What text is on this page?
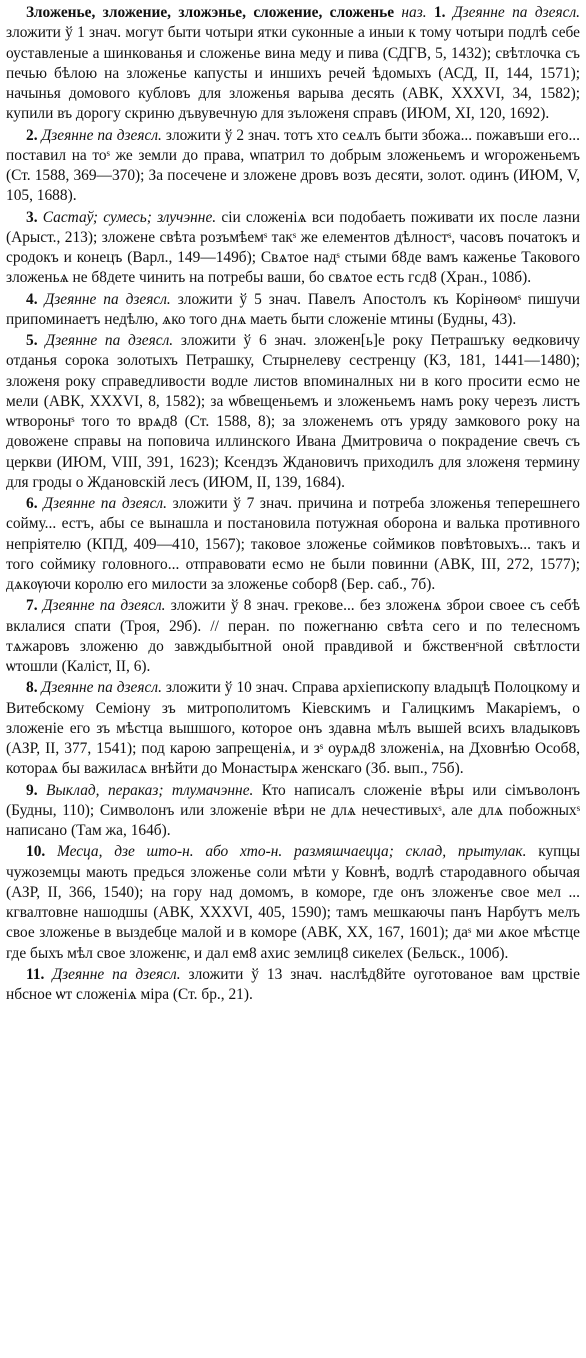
Зложенье, зложение, зложэнье, сложение, сложенье наз. 1. Дзеянне па дзеясл. зложити ў 1 знач. могут быти чотыри ятки суконные а иныи к тому чотыри подлѣ себе оуставленые а шинкованья и сложенье вина меду и пива (СДГВ, 5, 1432); свѣтлочка съ печью бѣлою на зложенье капусты и иншихъ речей ѣдомыхъ (АСД, II, 144, 1571); начынья домового кубловъ для зложенья варыва десять (АВК, XXXVI, 34, 1582); купили въ дорогу скриню дъвувечную для зъложеня справъ (ИЮМ, XI, 120, 1692).

2. Дзеянне па дзеясл. зложити ў 2 знач. тотъ хто сеѧлъ быти збожа... пожавъши его... поставил на тоˢ же земли до права, ѡпатрил то добрым зложеньемъ и ѡгороженьемъ (Ст. 1588, 369—370); За посечене и зложене дровъ возъ десяти, золот. одинъ (ИЮМ, V, 105, 1688).

3. Састаў; сумесь; злучэнне. сіи сложеніѧ вси подобаеть поживати их после лазни (Арыст., 213); зложене свѣта розъмѣемˢ такˢ же елементов дѣлностˢ, часовъ початокъ и сродокъ и конецъ (Варл., 149—149б); Свѧтое надˢ стыми б8де вамъ каженье Такового зложеньѧ не б8дете чинить на потребы ваши, бо свѧтое есть гсд8 (Хран., 108б).

4. Дзеянне па дзеясл. зложити ў 5 знач. Павелъ Апостолъ къ Корінѳомˢ пишучи припоминаетъ недѣлю, ѧко того днѧ маеть быти сложеніе мтины (Будны, 43).

5. Дзеянне па дзеясл. зложити ў 6 знач. зложен[ь]е року Петрашъку ѳедковичу отданья сорока золотыхъ Петрашку, Стырнелеву сестренцу (КЗ, 181, 1441—1480); зложеня року справедливости водле листов впоминалных ни в кого просити есмо не мели (АВК, XXXVI, 8, 1582); за ѡбвещеньемъ и зложеньемъ намъ року черезъ листъ ѡтвороныˢ того то врѧд8 (Ст. 1588, 8); за зложенемъ отъ уряду замкового року на довожене справы на поповича иллинского Ивана Дмитровича о покрадение свечъ съ церкви (ИЮМ, VIII, 391, 1623); Ксендзъ Ждановичъ приходилъ для зложеня термину для гроды о Ждановскій лесъ (ИЮМ, II, 139, 1684).

6. Дзеянне па дзеясл. зложити ў 7 знач. причина и потреба зложенья теперешнего сойму... естъ, абы се вынашла и постановила потужная оборона и валька противного непріятелю (КПД, 409—410, 1567); таковое зложенье соймиков повѣтовыхъ... такъ и того соймику головного... отправовати есмо не были повинни (АВК, III, 272, 1577); дѧкѹючи королю его милости за зложенье собор8 (Бер. саб., 7б).

7. Дзеянне па дзеясл. зложити ў 8 знач. грекове... без зложенѧ зброи своее съ себѣ вклалися спати (Троя, 29б). // перан. по пожегнаню свѣта сего и по телесномъ тѧжаровъ зложеню до завждыбытной оной правдивой и бжственˢной свѣтлости ѡтошли (Каліст, II, 6).

8. Дзеянне па дзеясл. зложити ў 10 знач. Справа архіепископу владыцѣ Полоцкому и Витебскому Семіону зъ митрополитомъ Кіевскимъ и Галицкимъ Макаріемъ, о зложеніе его зъ мѣстца вышшого, которое онъ здавна мѣлъ вышей всихъ владыковъ (АЗР, II, 377, 1541); под карою запрещеніѧ, и зˢ оурѧд8 зложеніѧ, на Дховнѣю Особ8, котораѧ бы важиласѧ внѣйти до Монастырѧ женскаго (Зб. вып., 75б).

9. Выклад, пераказ; тлумачэнне. Кто написалъ сложеніе вѣры или сімъволонъ (Будны, 110); Символонъ или зложеніе вѣри не длѧ нечестивыхˢ, але длѧ побожныхˢ написано (Там жа, 164б).

10. Месца, дзе што-н. або хто-н. размяшчаецца; склад, прытулак. купцы чужоземцы мають предься зложенье соли мѣти у Ковнѣ, водлѣ стародавного обычая (АЗР, II, 366, 1540); на гору над домомъ, в коморе, где онъ зложенъе свое мел ... кгвалтовне нашодшы (АВК, XXXVI, 405, 1590); тамъ мешкаючы панъ Нарбутъ мелъ свое зложенье в выздебце малой и в коморе (АВК, XX, 167, 1601); даˢ ми ѧкое мѣстце где быхъ мѣл свое зложенѥ, и дал ем8 ахис землиц8 сикелех (Бельск., 100б).

11. Дзеянне па дзеясл. зложити ў 13 знач. наслѣд8йте оуготованое вам црствіе нбсное ѡт сложеніѧ міра (Ст. бр., 21).
